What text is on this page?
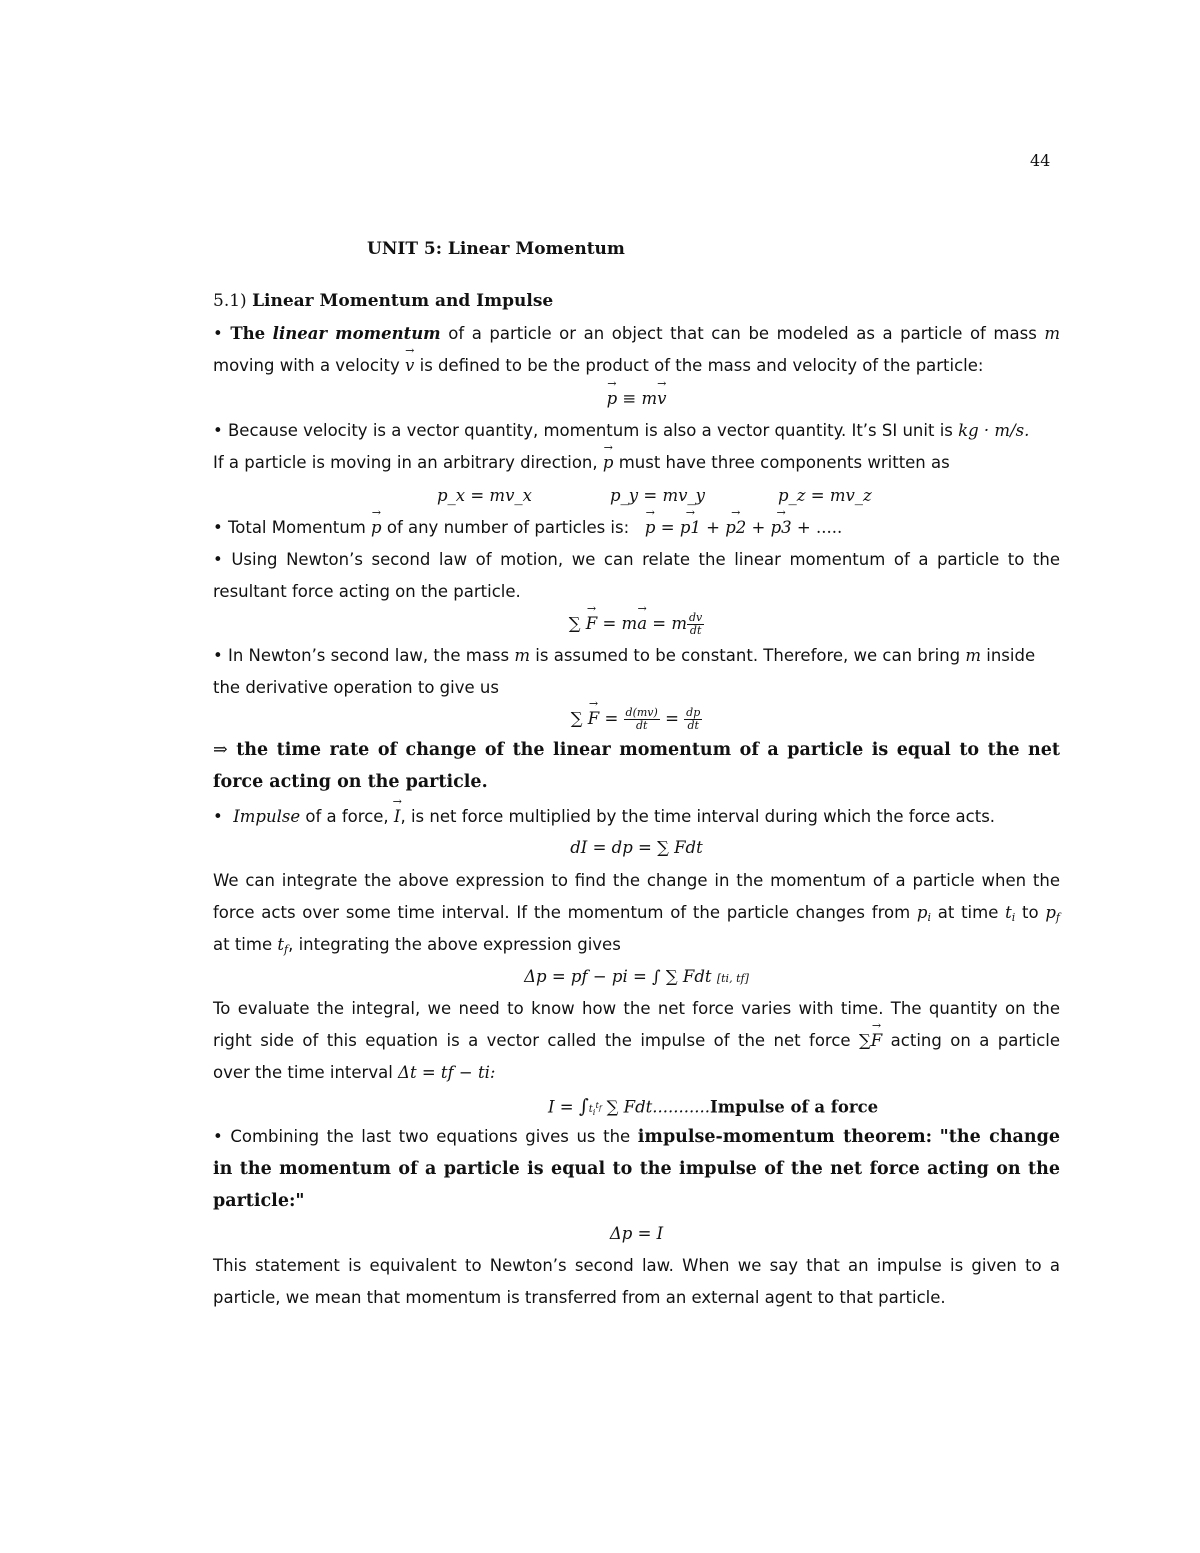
44
UNIT 5: Linear Momentum
5.1) Linear Momentum and Impulse
• The linear momentum of a particle or an object that can be modeled as a particle of mass m
moving with a velocity → v is defined to be the product of the mass and velocity of the particle:
→ p ≡ m→ v
• Because velocity is a vector quantity, momentum is also a vector quantity. It’s SI unit is kg · m/s.
If a particle is moving in an arbitrary direction, → p must have three components written as
p_x = mv_x	p_y = mv_y	p_z = mv_z
• Total Momentum → p of any number of particles is: → p = → p1 + → p2 + → p3 + .....
• Using Newton’s second law of motion, we can relate the linear momentum of a particle to the
resultant force acting on the particle.
∑ → F = m→ a = m $\frac{dv}{dt}$
• In Newton’s second law, the mass m is assumed to be constant. Therefore, we can bring m inside
the derivative operation to give us
∑ → $F = \frac{d(mv)}{dt} = \frac{dp}{dt}$
⇒ the time rate of change of the linear momentum of a particle is equal to the net
force acting on the particle.
• Impulse of a force, → I, is net force multiplied by the time interval during which the force acts.
dI = dp = ∑ Fdt
We can integrate the above expression to find the change in the momentum of a particle when the
force acts over some time interval. If the momentum of the particle changes from $p_i$ at time $t_i$ to $p_f$
at time $t_f$, integrating the above expression gives
Δp = pf − pi = ∫ ∑ Fdt [ti, tf]
To evaluate the integral, we need to know how the net force varies with time. The quantity on the
right side of this equation is a vector called the impulse of the net force ∑→ F acting on a particle
over the time interval Δt = tf − ti:
$I = \int t_i^{t_f}$ ∑ Fdt...........Impulse of a force
• Combining the last two equations gives us the impulse-momentum theorem: "the change
in the momentum of a particle is equal to the impulse of the net force acting on the
particle:"
Δp = I
This statement is equivalent to Newton’s second law. When we say that an impulse is given to a
particle, we mean that momentum is transferred from an external agent to that particle.
